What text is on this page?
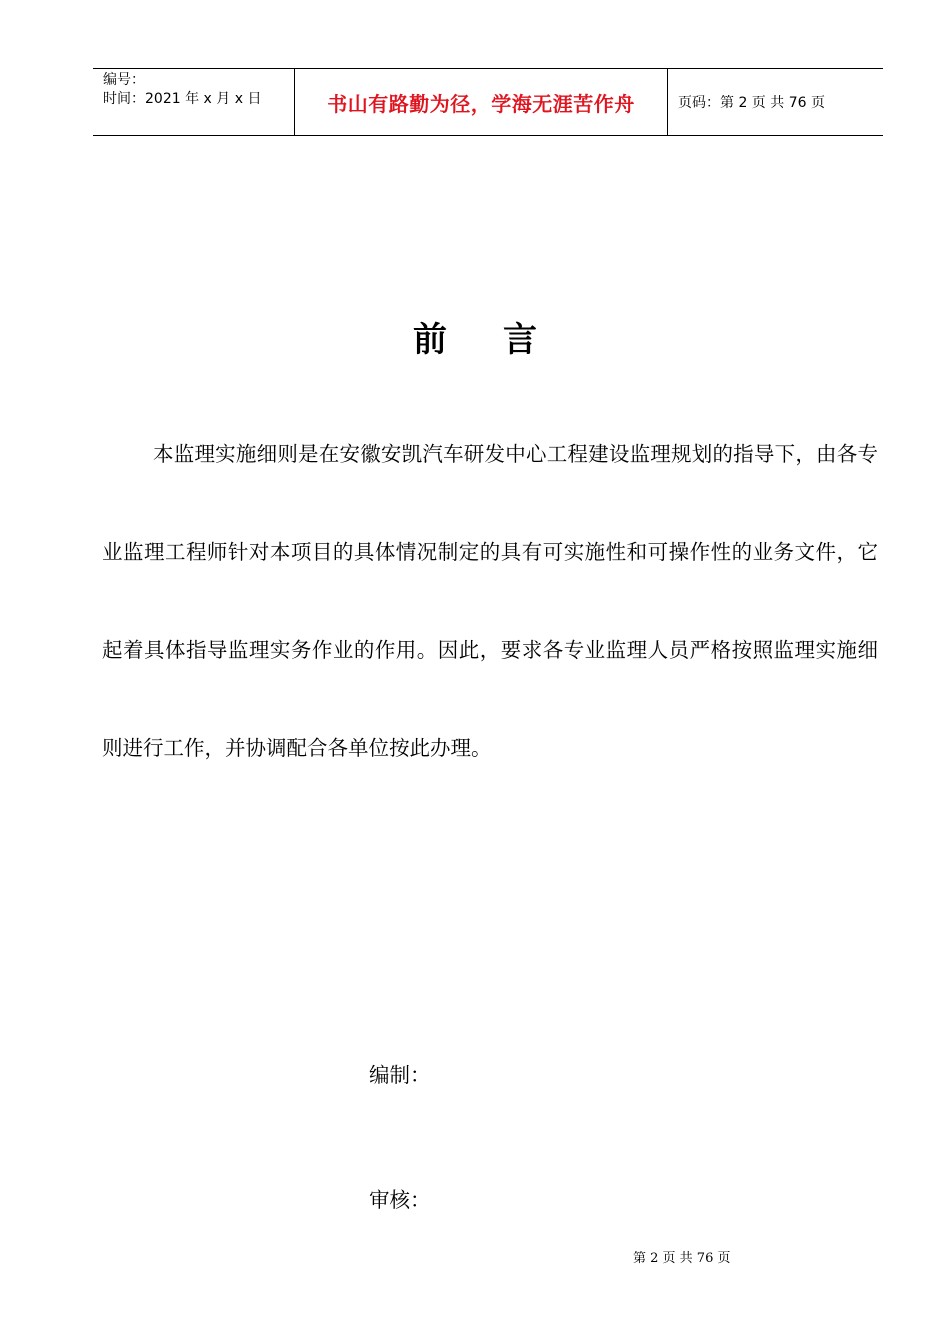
编号：
时间：2021 年 x 月 x 日	书山有路勤为径，学海无涯苦作舟	页码：第 2 页 共 76 页
前 言

本监理实施细则是在安徽安凯汽车研发中心工程建设监理规划的指导下，由各专业监理工程师针对本项目的具体情况制定的具有可实施性和可操作性的业务文件，它起着具体指导监理实务作业的作用。因此，要求各专业监理人员严格按照监理实施细则进行工作，并协调配合各单位按此办理。

编制：
审核：
第 2 页 共 76 页
